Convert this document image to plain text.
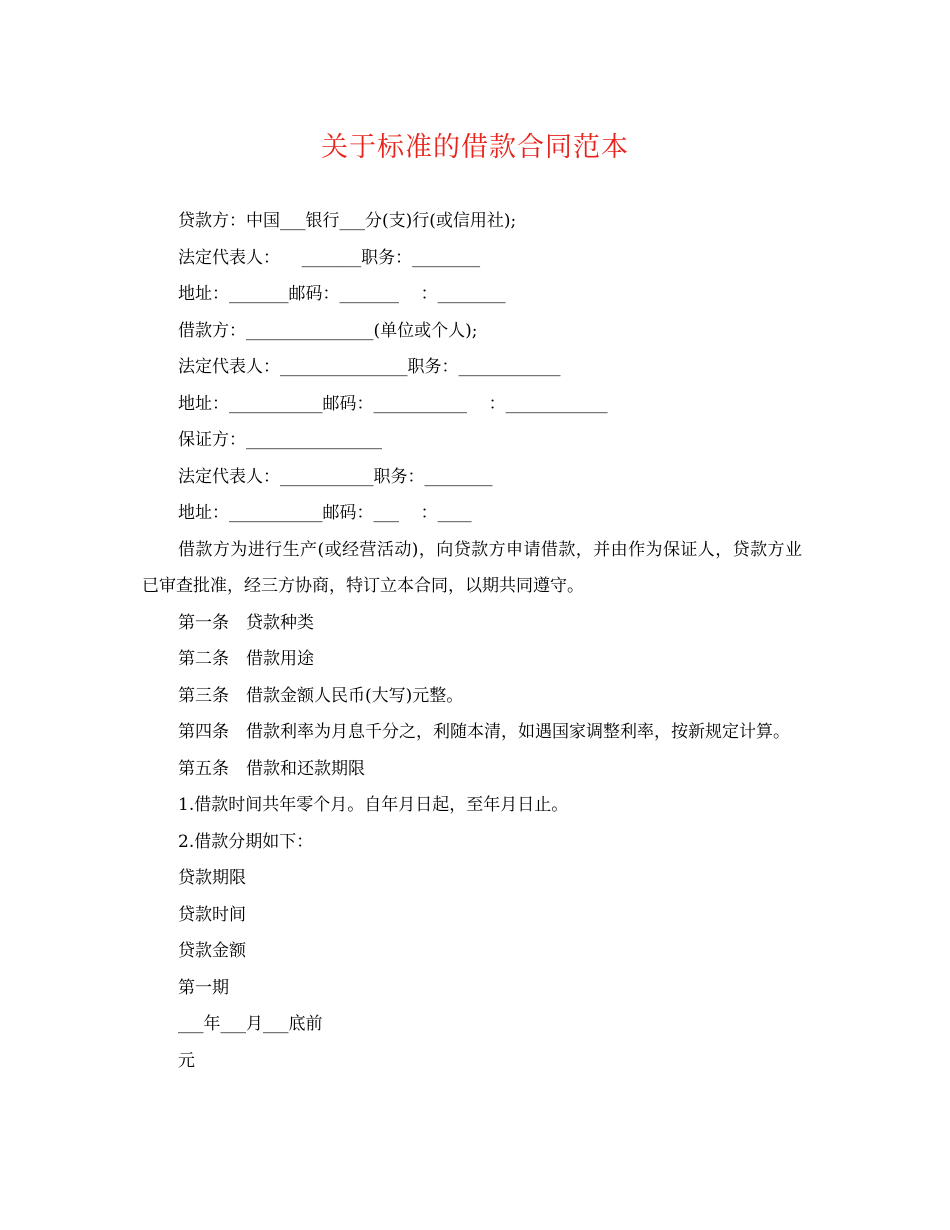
关于标准的借款合同范本

贷款方：中国___银行___分(支)行(或信用社);

法定代表人：    _______职务：________

地址：_______邮码：_______    ：________

借款方：_______________(单位或个人);

法定代表人：_______________职务：____________

地址：___________邮码：___________    ：____________

保证方：________________

法定代表人：___________职务：________

地址：___________邮码：___    ：____

借款方为进行生产(或经营活动)，向贷款方申请借款，并由作为保证人，贷款方业已审查批准，经三方协商，特订立本合同，以期共同遵守。

第一条　贷款种类

第二条　借款用途

第三条　借款金额人民币(大写)元整。

第四条　借款利率为月息千分之，利随本清，如遇国家调整利率，按新规定计算。

第五条　借款和还款期限

1.借款时间共年零个月。自年月日起，至年月日止。

2.借款分期如下：

贷款期限

贷款时间

贷款金额

第一期

___年___月___底前

元
